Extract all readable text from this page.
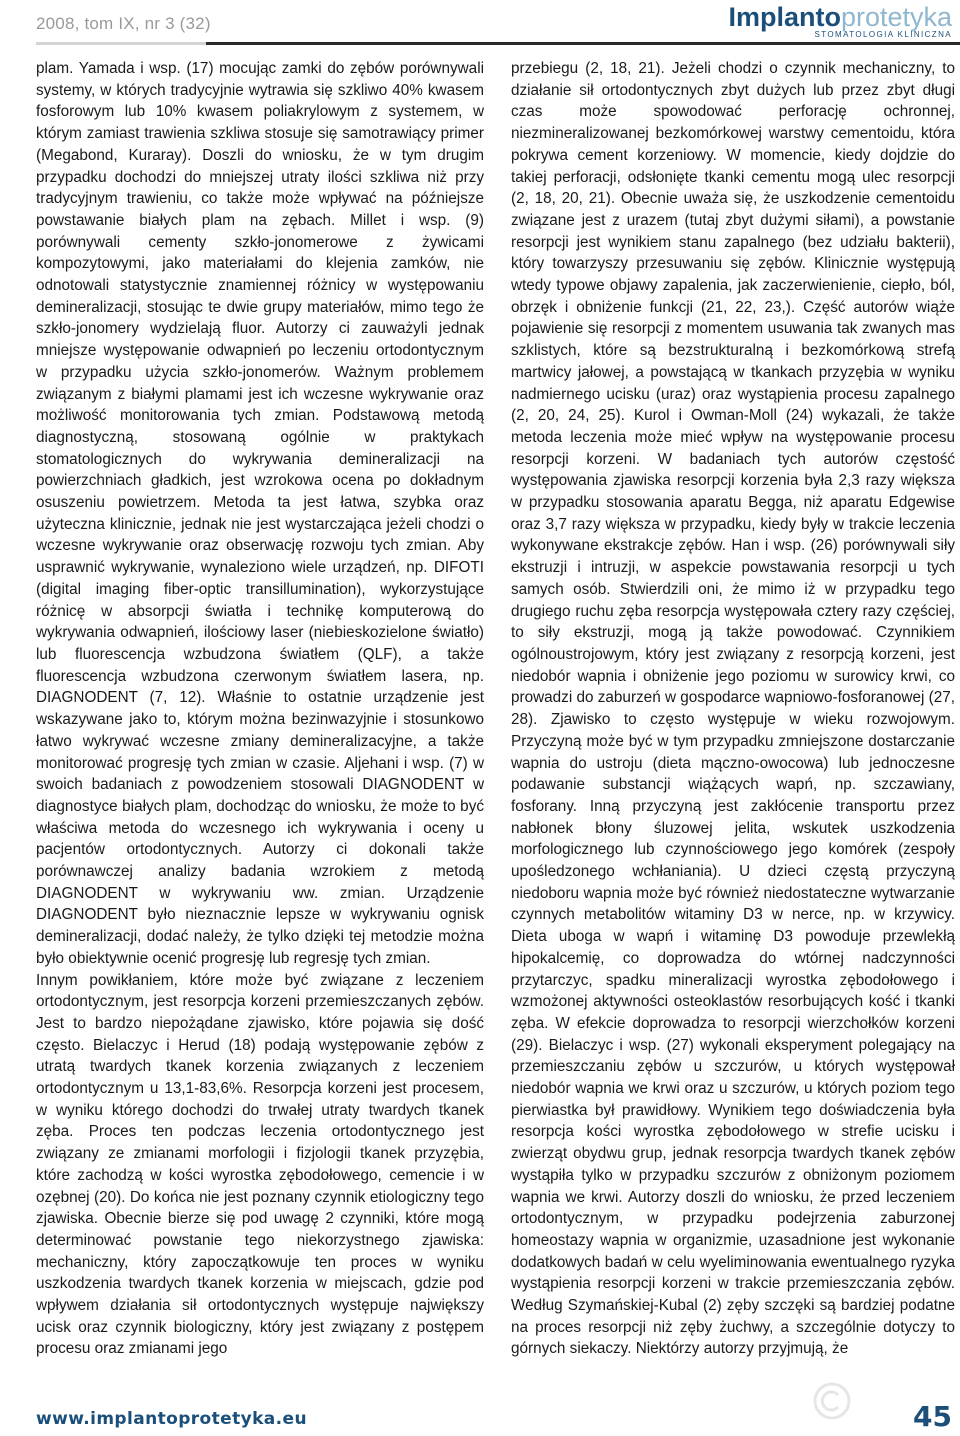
2008, tom IX, nr 3 (32)	Implantoprotetyka
STOMATOLOGIA KLINICZNA

plam. Yamada i wsp. (17) mocując zamki do zębów porównywali systemy, w których tradycyjnie wytrawia się szkliwo 40% kwasem fosforowym lub 10% kwasem poliakrylowym z systemem, w którym zamiast trawienia szkliwa stosuje się samotrawiący primer (Megabond, Kuraray). Doszli do wniosku, że w tym drugim przypadku dochodzi do mniejszej utraty ilości szkliwa niż przy tradycyjnym trawieniu, co także może wpływać na późniejsze powstawanie białych plam na zębach. Millet i wsp. (9) porównywali cementy szkło-jonomerowe z żywicami kompozytowymi, jako materiałami do klejenia zamków, nie odnotowali statystycznie znamiennej różnicy w występowaniu demineralizacji, stosując te dwie grupy materiałów, mimo tego że szkło-jonomery wydzielają fluor. Autorzy ci zauważyli jednak mniejsze występowanie odwapnień po leczeniu ortodontycznym w przypadku użycia szkło-jonomerów. Ważnym problemem związanym z białymi plamami jest ich wczesne wykrywanie oraz możliwość monitorowania tych zmian. Podstawową metodą diagnostyczną, stosowaną ogólnie w praktykach stomatologicznych do wykrywania demineralizacji na powierzchniach gładkich, jest wzrokowa ocena po dokładnym osuszeniu powietrzem. Metoda ta jest łatwa, szybka oraz użyteczna klinicznie, jednak nie jest wystarczająca jeżeli chodzi o wczesne wykrywanie oraz obserwację rozwoju tych zmian. Aby usprawnić wykrywanie, wynaleziono wiele urządzeń, np. DIFOTI (digital imaging fiber-optic transillumination), wykorzystujące różnicę w absorpcji światła i technikę komputerową do wykrywania odwapnień, ilościowy laser (niebieskozielone światło) lub fluorescencja wzbudzona światłem (QLF), a także fluorescencja wzbudzona czerwonym światłem lasera, np. DIAGNODENT (7, 12). Właśnie to ostatnie urządzenie jest wskazywane jako to, którym można bezinwazyjnie i stosunkowo łatwo wykrywać wczesne zmiany demineralizacyjne, a także monitorować progresję tych zmian w czasie. Aljehani i wsp. (7) w swoich badaniach z powodzeniem stosowali DIAGNODENT w diagnostyce białych plam, dochodząc do wniosku, że może to być właściwa metoda do wczesnego ich wykrywania i oceny u pacjentów ortodontycznych. Autorzy ci dokonali także porównawczej analizy badania wzrokiem z metodą DIAGNODENT w wykrywaniu ww. zmian. Urządzenie DIAGNODENT było nieznacznie lepsze w wykrywaniu ognisk demineralizacji, dodać należy, że tylko dzięki tej metodzie można było obiektywnie ocenić progresję lub regresję tych zmian.

Innym powikłaniem, które może być związane z leczeniem ortodontycznym, jest resorpcja korzeni przemieszczanych zębów. Jest to bardzo niepożądane zjawisko, które pojawia się dość często. Bielaczyc i Herud (18) podają występowanie zębów z utratą twardych tkanek korzenia związanych z leczeniem ortodontycznym u 13,1-83,6%. Resorpcja korzeni jest procesem, w wyniku którego dochodzi do trwałej utraty twardych tkanek zęba. Proces ten podczas leczenia ortodontycznego jest związany ze zmianami morfologii i fizjologii tkanek przyzębia, które zachodzą w kości wyrostka zębodołowego, cemencie i w ozębnej (20). Do końca nie jest poznany czynnik etiologiczny tego zjawiska. Obecnie bierze się pod uwagę 2 czynniki, które mogą determinować powstanie tego niekorzystnego zjawiska: mechaniczny, który zapoczątkowuje ten proces w wyniku uszkodzenia twardych tkanek korzenia w miejscach, gdzie pod wpływem działania sił ortodontycznych występuje największy ucisk oraz czynnik biologiczny, który jest związany z postępem procesu oraz zmianami jego

przebiegu (2, 18, 21). Jeżeli chodzi o czynnik mechaniczny, to działanie sił ortodontycznych zbyt dużych lub przez zbyt długi czas może spowodować perforację ochronnej, niezmineralizowanej bezkomórkowej warstwy cementoidu, która pokrywa cement korzeniowy. W momencie, kiedy dojdzie do takiej perforacji, odsłonięte tkanki cementu mogą ulec resorpcji (2, 18, 20, 21). Obecnie uważa się, że uszkodzenie cementoidu związane jest z urazem (tutaj zbyt dużymi siłami), a powstanie resorpcji jest wynikiem stanu zapalnego (bez udziału bakterii), który towarzyszy przesuwaniu się zębów. Klinicznie występują wtedy typowe objawy zapalenia, jak zaczerwienienie, ciepło, ból, obrzęk i obniżenie funkcji (21, 22, 23,). Część autorów wiąże pojawienie się resorpcji z momentem usuwania tak zwanych mas szklistych, które są bezstrukturalną i bezkomórkową strefą martwicy jałowej, a powstającą w tkankach przyzębia w wyniku nadmiernego ucisku (uraz) oraz wystąpienia procesu zapalnego (2, 20, 24, 25). Kurol i Owman-Moll (24) wykazali, że także metoda leczenia może mieć wpływ na występowanie procesu resorpcji korzeni. W badaniach tych autorów częstość występowania zjawiska resorpcji korzenia była 2,3 razy większa w przypadku stosowania aparatu Begga, niż aparatu Edgewise oraz 3,7 razy większa w przypadku, kiedy były w trakcie leczenia wykonywane ekstrakcje zębów. Han i wsp. (26) porównywali siły ekstruzji i intruzji, w aspekcie powstawania resorpcji u tych samych osób. Stwierdzili oni, że mimo iż w przypadku tego drugiego ruchu zęba resorpcja występowała cztery razy częściej, to siły ekstruzji, mogą ją także powodować. Czynnikiem ogólnoustrojowym, który jest związany z resorpcją korzeni, jest niedobór wapnia i obniżenie jego poziomu w surowicy krwi, co prowadzi do zaburzeń w gospodarce wapniowo-fosforanowej (27, 28). Zjawisko to często występuje w wieku rozwojowym. Przyczyną może być w tym przypadku zmniejszone dostarczanie wapnia do ustroju (dieta mączno-owocowa) lub jednoczesne podawanie substancji wiążących wapń, np. szczawiany, fosforany. Inną przyczyną jest zakłócenie transportu przez nabłonek błony śluzowej jelita, wskutek uszkodzenia morfologicznego lub czynnościowego jego komórek (zespoły upośledzonego wchłaniania). U dzieci częstą przyczyną niedoboru wapnia może być również niedostateczne wytwarzanie czynnych metabolitów witaminy D3 w nerce, np. w krzywicy. Dieta uboga w wapń i witaminę D3 powoduje przewlekłą hipokalcemię, co doprowadza do wtórnej nadczynności przytarczyc, spadku mineralizacji wyrostka zębodołowego i wzmożonej aktywności osteoklastów resorbujących kość i tkanki zęba. W efekcie doprowadza to resorpcji wierzchołków korzeni (29). Bielaczyc i wsp. (27) wykonali eksperyment polegający na przemieszczaniu zębów u szczurów, u których występował niedobór wapnia we krwi oraz u szczurów, u których poziom tego pierwiastka był prawidłowy. Wynikiem tego doświadczenia była resorpcja kości wyrostka zębodołowego w strefie ucisku i zwierząt obydwu grup, jednak resorpcja twardych tkanek zębów wystąpiła tylko w przypadku szczurów z obniżonym poziomem wapnia we krwi. Autorzy doszli do wniosku, że przed leczeniem ortodontycznym, w przypadku podejrzenia zaburzonej homeostazy wapnia w organizmie, uzasadnione jest wykonanie dodatkowych badań w celu wyeliminowania ewentualnego ryzyka wystąpienia resorpcji korzeni w trakcie przemieszczania zębów. Według Szymańskiej-Kubal (2) zęby szczęki są bardziej podatne na proces resorpcji niż zęby żuchwy, a szczególnie dotyczy to górnych siekaczy. Niektórzy autorzy przyjmują, że

www.implantoprotetyka.eu	45
